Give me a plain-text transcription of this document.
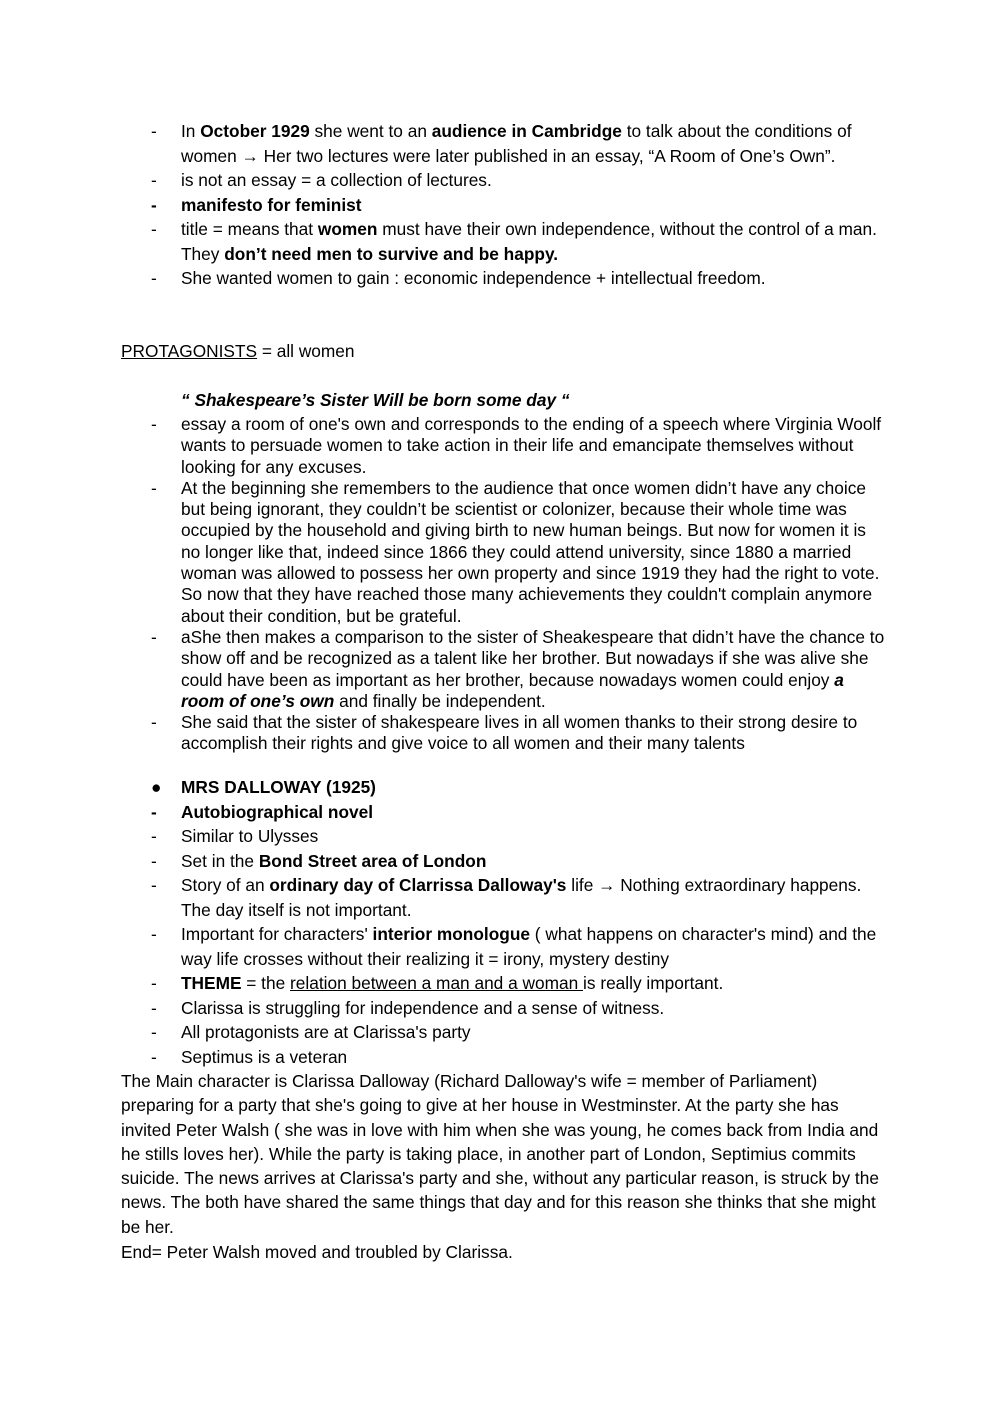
-	In October 1929 she went to an audience in Cambridge to talk about the conditions of women → Her two lectures were later published in an essay, “A Room of One’s Own”.
-	is not an essay = a collection of lectures.
-	manifesto for feminist
-	title = means that women must have their own independence, without the control of a man. They don’t need men to survive and be happy.
-	She wanted women to gain : economic independence + intellectual freedom.
PROTAGONISTS = all women
“ Shakespeare’s Sister Will be born some day “
-	essay a room of one's own and corresponds to the ending of a speech where Virginia Woolf wants to persuade women to take action in their life and emancipate themselves without looking for any excuses.
-	At the beginning she remembers to the audience that once women didn’t have any choice but being ignorant, they couldn’t be scientist or colonizer, because their whole time was occupied by the household and giving birth to new human beings. But now for women it is no longer like that, indeed since 1866 they could attend university, since 1880 a married woman was allowed to possess her own property and since 1919 they had the right to vote. So now that they have reached those many achievements they couldn't complain anymore about their condition, but be grateful.
-	aShe then makes a comparison to the sister of Sheakespeare that didn’t have the chance to show off and be recognized as a talent like her brother. But nowadays if she was alive she could have been as important as her brother, because nowadays women could enjoy a room of one’s own and finally be independent.
-	She said that the sister of shakespeare lives in all women thanks to their strong desire to accomplish their rights and give voice to all women and their many talents
●	MRS DALLOWAY (1925)
-	Autobiographical novel
-	Similar to Ulysses
-	Set in the Bond Street area of London
-	Story of an ordinary day of Clarrissa Dalloway's life → Nothing extraordinary happens. The day itself is not important.
-	Important for characters' interior monologue ( what happens on character's mind) and the way life crosses without their realizing it = irony, mystery destiny
-	THEME = the relation between a man and a woman is really important.
-	Clarissa is struggling for independence and a sense of witness.
-	All protagonists are at Clarissa's party
-	Septimus is a veteran
The Main character is Clarissa Dalloway (Richard Dalloway's wife = member of Parliament) preparing for a party that she's going to give at her house in Westminster. At the party she has invited Peter Walsh ( she was in love with him when she was young, he comes back from India and he stills loves her). While the party is taking place, in another part of London, Septimius commits suicide. The news arrives at Clarissa's party and she, without any particular reason, is struck by the news. The both have shared the same things that day and for this reason she thinks that she might be her.
End= Peter Walsh moved and troubled by Clarissa.
